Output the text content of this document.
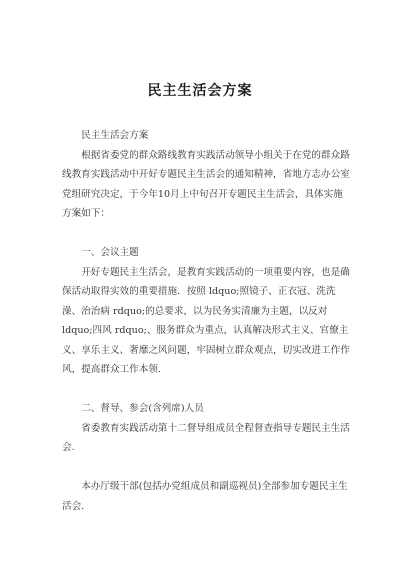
民主生活会方案

民主生活会方案

根据省委党的群众路线教育实践活动领导小组关于在党的群众路线教育实践活动中开好专题民主生活会的通知精神，省地方志办公室党组研究决定，于今年10月上中旬召开专题民主生活会，具体实施方案如下：

一、会议主题

开好专题民主生活会，是教育实践活动的一项重要内容，也是确保活动取得实效的重要措施．按照 ldquo;照镜子、正衣冠、洗洗澡、治治病 rdquo;的总要求，以为民务实清廉为主题，以反对 ldquo;四风 rdquo;、服务群众为重点，认真解决形式主义、官僚主义、享乐主义、奢靡之风问题，牢固树立群众观点，切实改进工作作风，提高群众工作本领.

二、督导、参会(含列席)人员

省委教育实践活动第十二督导组成员全程督查指导专题民主生活会.

本办厅级干部(包括办党组成员和副巡视员)全部参加专题民主生活会.
